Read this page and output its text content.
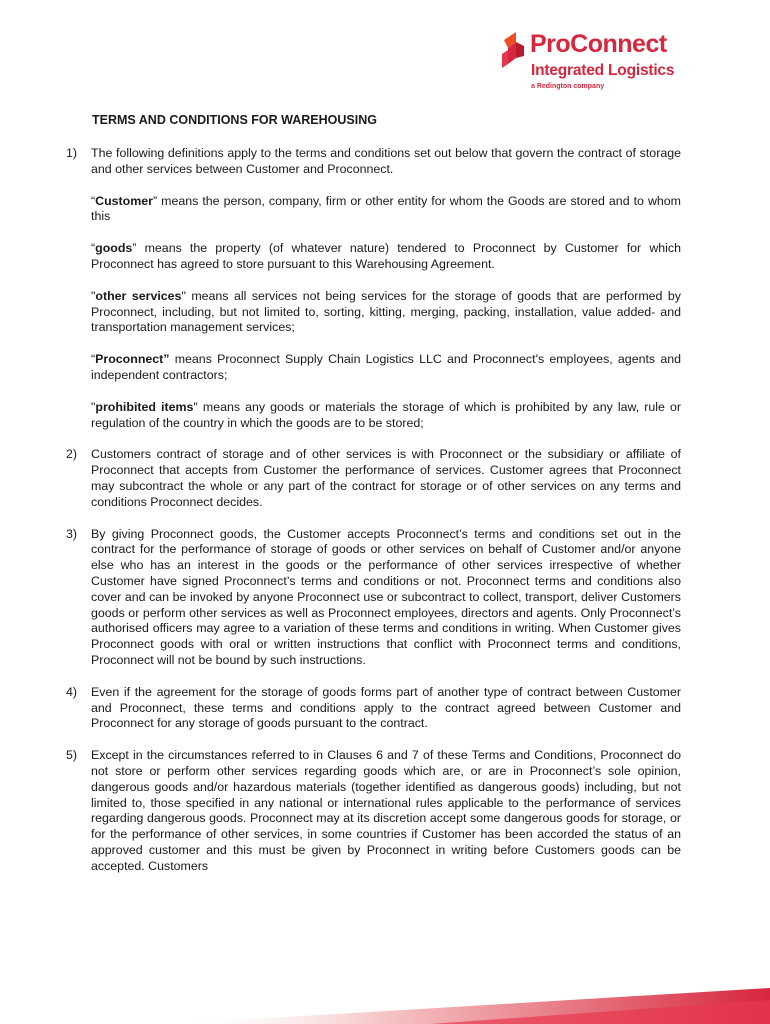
ProConnect
Integrated Logistics
a Redington company
TERMS AND CONDITIONS FOR WAREHOUSING
1)	The following definitions apply to the terms and conditions set out below that govern the contract of storage and other services between Customer and Proconnect.
“Customer” means the person, company, firm or other entity for whom the Goods are stored and to whom this
“goods” means the property (of whatever nature) tendered to Proconnect by Customer for which Proconnect has agreed to store pursuant to this Warehousing Agreement.
"other services" means all services not being services for the storage of goods that are performed by Proconnect, including, but not limited to, sorting, kitting, merging, packing, installation, value added- and transportation management services;
“Proconnect” means Proconnect Supply Chain Logistics LLC and Proconnect's employees, agents and independent contractors;
"prohibited items" means any goods or materials the storage of which is prohibited by any law, rule or regulation of the country in which the goods are to be stored;
2)	Customers contract of storage and of other services is with Proconnect or the subsidiary or affiliate of Proconnect that accepts from Customer the performance of services. Customer agrees that Proconnect may subcontract the whole or any part of the contract for storage or of other services on any terms and conditions Proconnect decides.
3)	By giving Proconnect goods, the Customer accepts Proconnect’s terms and conditions set out in the contract for the performance of storage of goods or other services on behalf of Customer and/or anyone else who has an interest in the goods or the performance of other services irrespective of whether Customer have signed Proconnect’s terms and conditions or not. Proconnect terms and conditions also cover and can be invoked by anyone Proconnect use or subcontract to collect, transport, deliver Customers goods or perform other services as well as Proconnect employees, directors and agents. Only Proconnect’s authorised officers may agree to a variation of these terms and conditions in writing. When Customer gives Proconnect goods with oral or written instructions that conflict with Proconnect terms and conditions, Proconnect will not be bound by such instructions.
4)	Even if the agreement for the storage of goods forms part of another type of contract between Customer and Proconnect, these terms and conditions apply to the contract agreed between Customer and Proconnect for any storage of goods pursuant to the contract.
5)	Except in the circumstances referred to in Clauses 6 and 7 of these Terms and Conditions, Proconnect do not store or perform other services regarding goods which are, or are in Proconnect’s sole opinion, dangerous goods and/or hazardous materials (together identified as dangerous goods) including, but not limited to, those specified in any national or international rules applicable to the performance of services regarding dangerous goods. Proconnect may at its discretion accept some dangerous goods for storage, or for the performance of other services, in some countries if Customer has been accorded the status of an approved customer and this must be given by Proconnect in writing before Customers goods can be accepted. Customers
